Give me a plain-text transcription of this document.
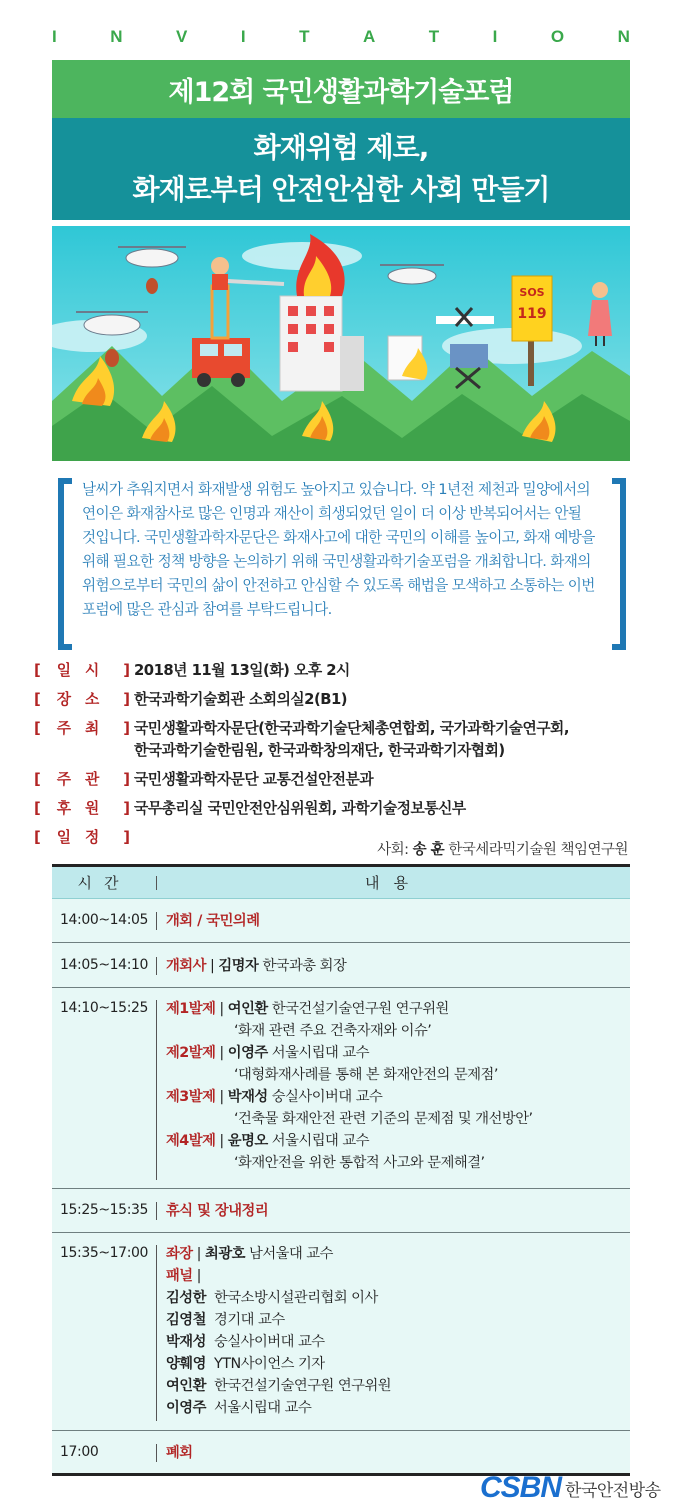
I	N	V	I	T	A	T	I	O	N
제12회 국민생활과학기술포럼
화재위험 제로,
화재로부터 안전안심한 사회 만들기
SOS
119

날씨가 추워지면서 화재발생 위험도 높아지고 있습니다. 약 1년전 제천과 밀양에서의 연이은 화재참사로 많은 인명과 재산이 희생되었던 일이 더 이상 반복되어서는 안될 것입니다. 국민생활과학자문단은 화재사고에 대한 국민의 이해를 높이고, 화재 예방을 위해 필요한 정책 방향을 논의하기 위해 국민생활과학기술포럼을 개최합니다. 화재의 위험으로부터 국민의 삶이 안전하고 안심할 수 있도록 해법을 모색하고 소통하는 이번 포럼에 많은 관심과 참여를 부탁드립니다.

[ 일시 ] 2018년 11월 13일(화) 오후 2시
[ 장소 ] 한국과학기술회관 소회의실2(B1)
[ 주최 ] 국민생활과학자문단(한국과학기술단체총연합회, 국가과학기술연구회,
한국과학기술한림원, 한국과학창의재단, 한국과학기자협회)
[ 주관 ] 국민생활과학자문단 교통건설안전분과
[ 후원 ] 국무총리실 국민안전안심위원회, 과학기술정보통신부
[ 일정 ]
사회: 송 훈 한국세라믹기술원 책임연구원
시간	내용
14:00~14:05 개회 / 국민의례
14:05~14:10 개회사 | 김명자 한국과총 회장
14:10~15:25 제1발제 | 여인환 한국건설기술연구원 연구위원
‘화재 관련 주요 건축자재와 이슈’
제2발제 | 이영주 서울시립대 교수
‘대형화재사례를 통해 본 화재안전의 문제점’
제3발제 | 박재성 숭실사이버대 교수
‘건축물 화재안전 관련 기준의 문제점 및 개선방안’
제4발제 | 윤명오 서울시립대 교수
‘화재안전을 위한 통합적 사고와 문제해결’
15:25~15:35 휴식 및 장내정리
15:35~17:00 좌장 | 최광호 남서울대 교수
패널 |
김성한 한국소방시설관리협회 이사
김영철 경기대 교수
박재성 숭실사이버대 교수
양훼영 YTN사이언스 기자
여인환 한국건설기술연구원 연구위원
이영주 서울시립대 교수
17:00	폐회
CSBN 한국안전방송
